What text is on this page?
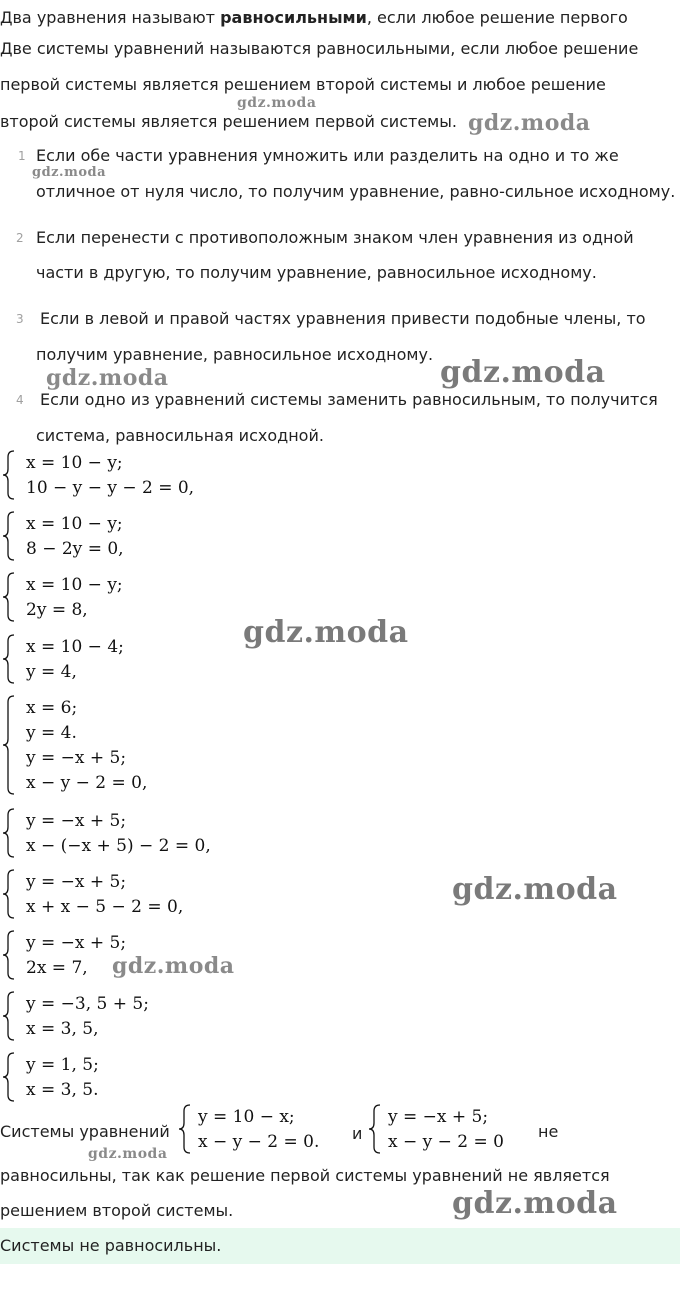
Два уравнения называют равносильными, если любое решение первого
Две системы уравнений называются равносильными, если любое решение
первой системы является решением второй системы и любое решение
второй системы является решением первой системы.
1 Если обе части уравнения умножить или разделить на одно и то же
отличное от нуля число, то получим уравнение, равно-сильное исходному.
2 Если перенести с противоположным знаком член уравнения из одной
части в другую, то получим уравнение, равносильное исходному.
3 Если в левой и правой частях уравнения привести подобные члены, то
получим уравнение, равносильное исходному.
4 Если одно из уравнений системы заменить равносильным, то получится
система, равносильная исходной.
x = 10 − y;
10 − y − y − 2 = 0,
x = 10 − y;
8 − 2y = 0,
x = 10 − y;
2y = 8,
x = 10 − 4;
y = 4,
x = 6;
y = 4.
y = −x + 5;
x − y − 2 = 0,
y = −x + 5;
x − (−x + 5) − 2 = 0,
y = −x + 5;
x + x − 5 − 2 = 0,
y = −x + 5;
2x = 7,
y = −3, 5 + 5;
x = 3, 5,
y = 1, 5;
x = 3, 5.
Системы уравнений
y = 10 − x;
x − y − 2 = 0. и
y = −x + 5;
x − y − 2 = 0
не
равносильны, так как решение первой системы уравнений не является
решением второй системы.
Системы не равносильны.
gdz.moda
gdz.moda
gdz.moda
gdz.moda	gdz.moda
gdz.moda
gdz.moda
gdz.moda
gdz.moda
gdz.moda
